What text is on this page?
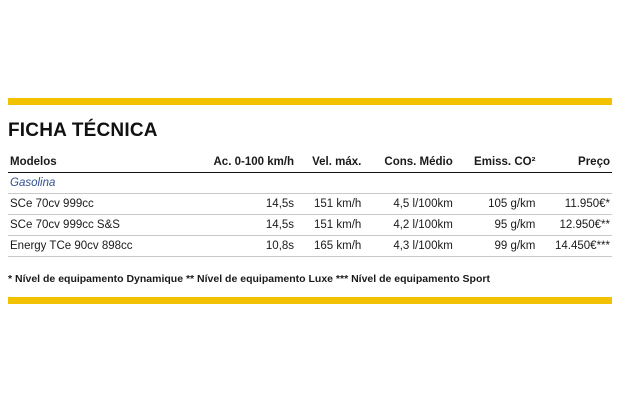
FICHA TÉCNICA
Modelos	Ac. 0-100 km/h	Vel. máx.	Cons. Médio	Emiss. CO²	Preço
Gasolina					
SCe 70cv 999cc	14,5s	151 km/h	4,5 l/100km	105 g/km	11.950€*
SCe 70cv 999cc S&S	14,5s	151 km/h	4,2 l/100km	95 g/km	12.950€**
Energy TCe 90cv 898cc	10,8s	165 km/h	4,3 l/100km	99 g/km	14.450€***
* Nível de equipamento Dynamique ** Nível de equipamento Luxe *** Nível de equipamento Sport
